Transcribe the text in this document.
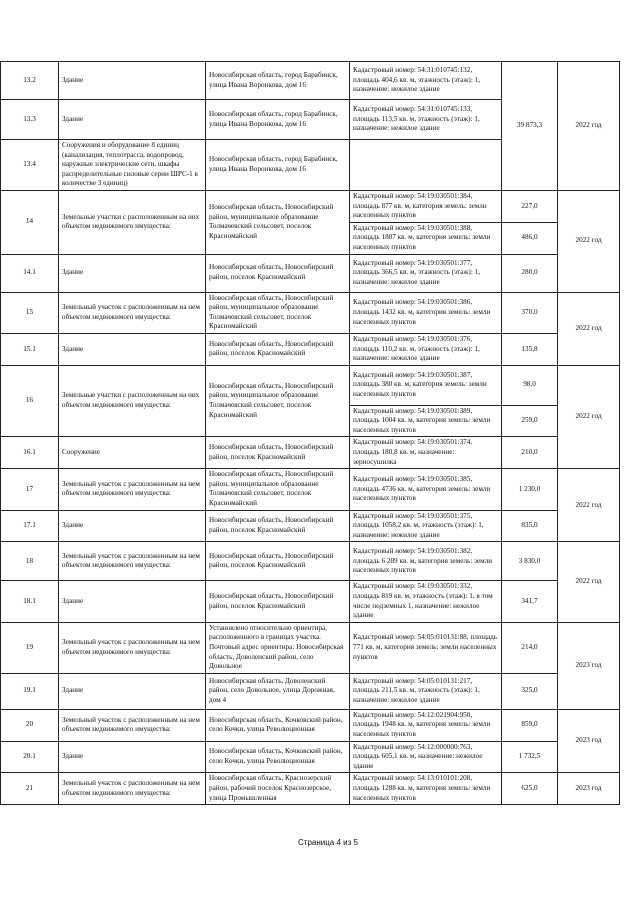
13.2	Здание	Новосибирская область, город Барабинск, улица Ивана Воронкова, дом 16	Кадастровый номер: 54:31:010745:132, площадь 404,6 кв. м, этажность (этаж): 1, назначение: нежилое здание	39 873,3	2022 год
13.3	Здание	Новосибирская область, город Барабинск, улица Ивана Воронкова, дом 16	Кадастровый номер: 54:31:010745:133, площадь 113,5 кв. м, этажность (этаж): 1, назначение: нежилое здание		
13.4	Сооружения и оборудование 8 единиц (канализация, теплотрасса, водопровод, наружные электрические сети, шкафы распределительные силовые серии ШРС-1 в количестве 3 единиц)	Новосибирская область, город Барабинск, улица Ивана Воронкова, дом 16			
14	Земельные участки с расположенным на них объектом недвижимого имущества:	Новосибирская область, Новосибирский район, муниципальное образование Толмачевский сельсовет, поселок Красномайский	Кадастровый номер: 54:19:030501:384, площадь 877 кв. м, категория земель: земли населенных пунктов	227,0	2022 год
			Кадастровый номер: 54:19:030501:388, площадь 1887 кв. м, категория земель: земли населенных пунктов	486,0	
14.1	Здание	Новосибирская область, Новосибирский район, поселок Красномайский	Кадастровый номер: 54:19:030501:377, площадь 366,5 кв. м, этажность (этаж): 1, назначение: нежилое здание	280,0	
15	Земельный участок с расположенным на нем объектом недвижимого имущества:	Новосибирская область, Новосибирский район, муниципальное образование Толмачевский сельсовет, поселок Красномайский	Кадастровый номер: 54:19:030501:386, площадь 1432 кв. м, категория земель: земли населенных пунктов	370,0	2022 год
15.1	Здание	Новосибирская область, Новосибирский район, поселок Красномайский	Кадастровый номер: 54:19:030501:376, площадь 110,2 кв. м, этажность (этаж): 1, назначение: нежилое здание	135,8	
16	Земельные участки с расположенным на них объектом недвижимого имущества:	Новосибирская область, Новосибирский район, муниципальное образование Толмачевский сельсовет, поселок Красномайский	Кадастровый номер: 54:19:030501:387, площадь 380 кв. м, категория земель: земли населенных пунктов	98,0	2022 год
			Кадастровый номер: 54:19:030501:389, площадь 1004 кв. м, категория земель: земли населенных пунктов	259,0	
16.1	Сооружение	Новосибирская область, Новосибирский район, поселок Красномайский	Кадастровый номер: 54:19:030501:374, площадь 180,8 кв. м, назначение: зерносушилка	210,0	
17	Земельный участок с расположенным на нем объектом недвижимого имущества:	Новосибирская область, Новосибирский район, муниципальное образование Толмачевский сельсовет, поселок Красномайский	Кадастровый номер: 54:19:030501:385, площадь 4736 кв. м, категория земель: земли населенных пунктов	1 230,0	2022 год
17.1	Здание	Новосибирская область, Новосибирский район, поселок Красномайский	Кадастровый номер: 54:19:030501:375, площадь 1058,2 кв. м, этажность (этаж): 1, назначение: нежилое здание	835,0	
18	Земельный участок с расположенным на нем объектом недвижимого имущества:	Новосибирская область, Новосибирский район, поселок Красномайский	Кадастровый номер: 54:19:030501:382, площадь 6 289 кв. м, категория земель: земли населенных пунктов	3 830,0	2022 год
18.1	Здание	Новосибирская область, Новосибирский район, поселок Красномайский	Кадастровый номер: 54:19:030501:332, площадь 819 кв. м, этажность (этаж): 1, в том числе подземных 1, назначение: нежилое здание	341,7	
19	Земельный участок с расположенным на нем объектом недвижимого имущества:	Установлено относительно ориентира, расположенного в границах участка. Почтовый адрес ориентира: Новосибирская область, Доволенский район, село Довольное	Кадастровый номер: 54:05:010131:88, площадь 771 кв. м, категория земель: земли населенных пунктов	214,0	2023 год
19.1	Здание	Новосибирская область, Доволенский район, село Довольное, улица Дорожная, дом 4	Кадастровый номер: 54:05:010131:217, площадь 211,5 кв. м, этажность (этаж): 1, назначение: нежилое здание	325,0	
20	Земельный участок с расположенным на нем объектом недвижимого имущества:	Новосибирская область, Кочковский район, село Кочки, улица Революционная	Кадастровый номер: 54:12:021904:950, площадь 1948 кв. м, категория земель: земли населенных пунктов	859,0	2023 год
20.1	Здание	Новосибирская область, Кочковский район, село Кочки, улица Революционная	Кадастровый номер: 54:12:000000:763, площадь 605,1 кв. м, назначение: нежилое здание	1 732,5	
21	Земельный участок с расположенным на нем объектом недвижимого имущества:	Новосибирская область, Краснозерский район, рабочий поселок Краснозерское, улица Промышленная	Кадастровый номер: 54:13:010101:208, площадь 1288 кв. м, категория земель: земли населенных пунктов	625,0	2023 год
Страница 4 из 5
